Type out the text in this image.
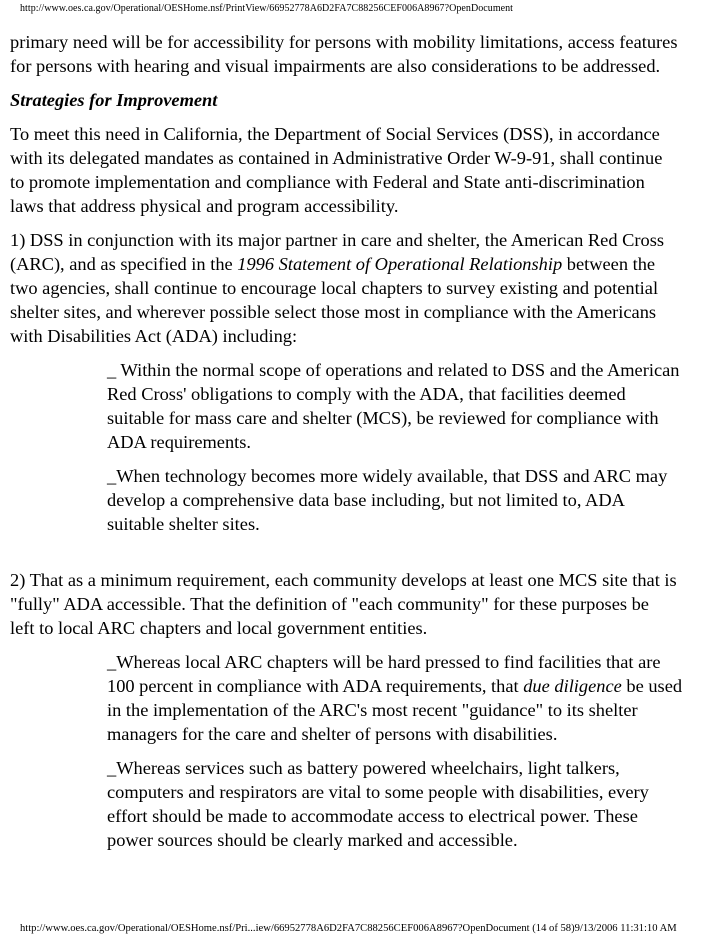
http://www.oes.ca.gov/Operational/OESHome.nsf/PrintView/66952778A6D2FA7C88256CEF006A8967?OpenDocument
primary need will be for accessibility for persons with mobility limitations, access features
for persons with hearing and visual impairments are also considerations to be addressed.
Strategies for Improvement
To meet this need in California, the Department of Social Services (DSS), in accordance
with its delegated mandates as contained in Administrative Order W-9-91, shall continue
to promote implementation and compliance with Federal and State anti-discrimination
laws that address physical and program accessibility.
1) DSS in conjunction with its major partner in care and shelter, the American Red Cross
(ARC), and as specified in the 1996 Statement of Operational Relationship between the
two agencies, shall continue to encourage local chapters to survey existing and potential
shelter sites, and wherever possible select those most in compliance with the Americans
with Disabilities Act (ADA) including:
_ Within the normal scope of operations and related to DSS and the American
Red Cross' obligations to comply with the ADA, that facilities deemed
suitable for mass care and shelter (MCS), be reviewed for compliance with
ADA requirements.
_When technology becomes more widely available, that DSS and ARC may
develop a comprehensive data base including, but not limited to, ADA
suitable shelter sites.
2) That as a minimum requirement, each community develops at least one MCS site that is
"fully" ADA accessible. That the definition of "each community" for these purposes be
left to local ARC chapters and local government entities.
_Whereas local ARC chapters will be hard pressed to find facilities that are
100 percent in compliance with ADA requirements, that due diligence be used
in the implementation of the ARC's most recent "guidance" to its shelter
managers for the care and shelter of persons with disabilities.
_Whereas services such as battery powered wheelchairs, light talkers,
computers and respirators are vital to some people with disabilities, every
effort should be made to accommodate access to electrical power. These
power sources should be clearly marked and accessible.
http://www.oes.ca.gov/Operational/OESHome.nsf/Pri...iew/66952778A6D2FA7C88256CEF006A8967?OpenDocument (14 of 58)9/13/2006 11:31:10 AM
